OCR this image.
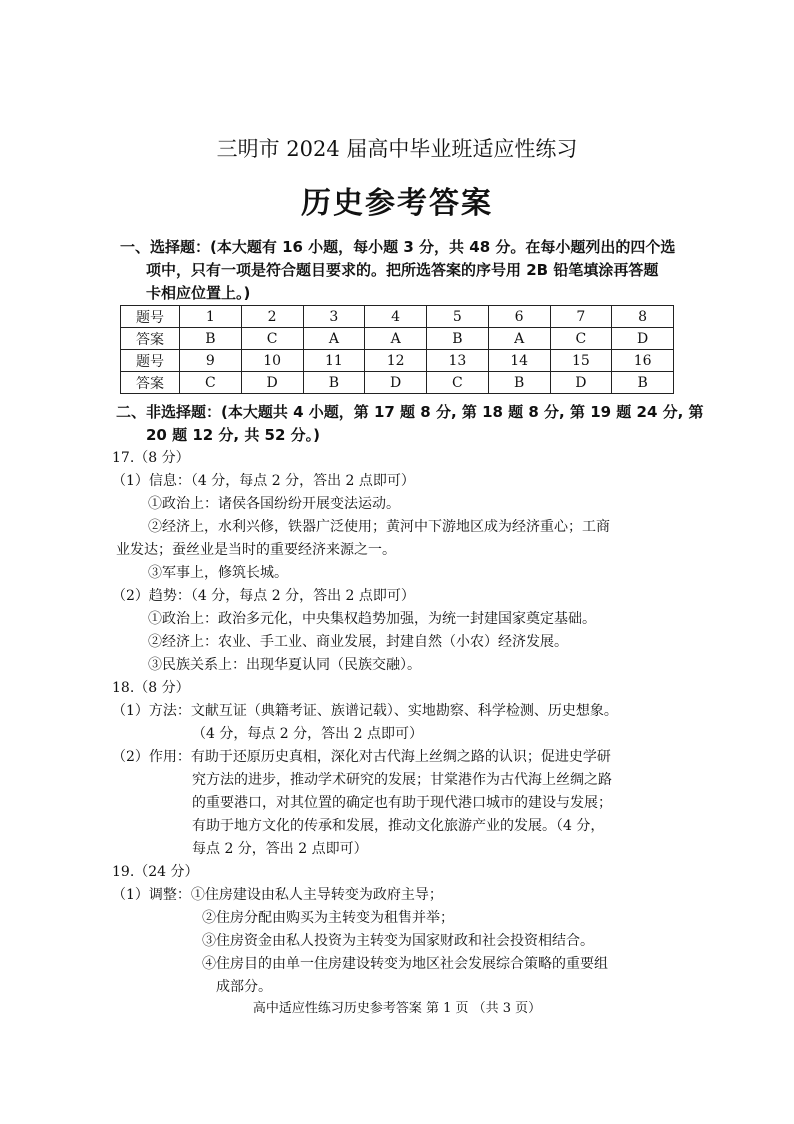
三明市 2024 届高中毕业班适应性练习
历史参考答案
一、选择题：(本大题有 16 小题，每小题 3 分，共 48 分。在每小题列出的四个选
项中，只有一项是符合题目要求的。把所选答案的序号用 2B 铅笔填涂再答题
卡相应位置上。)
题号	1	2	3	4	5	6	7	8
答案	B	C	A	A	B	A	C	D
题号	9	10	11	12	13	14	15	16
答案	C	D	B	D	C	B	D	B
二、非选择题：(本大题共 4 小题，第 17 题 8 分, 第 18 题 8 分, 第 19 题 24 分, 第
20 题 12 分, 共 52 分。)
17.（8 分）
（1）信息：（4 分，每点 2 分，答出 2 点即可）
①政治上：诸侯各国纷纷开展变法运动。
②经济上，水利兴修，铁器广泛使用；黄河中下游地区成为经济重心；工商
业发达；蚕丝业是当时的重要经济来源之一。
③军事上，修筑长城。
（2）趋势：（4 分，每点 2 分，答出 2 点即可）
①政治上：政治多元化，中央集权趋势加强，为统一封建国家奠定基础。
②经济上：农业、手工业、商业发展，封建自然（小农）经济发展。
③民族关系上：出现华夏认同（民族交融）。
18.（8 分）
（1）方法：文献互证（典籍考证、族谱记载）、实地勘察、科学检测、历史想象。
（4 分，每点 2 分，答出 2 点即可）
（2）作用：有助于还原历史真相，深化对古代海上丝绸之路的认识；促进史学研
究方法的进步，推动学术研究的发展；甘棠港作为古代海上丝绸之路
的重要港口，对其位置的确定也有助于现代港口城市的建设与发展；
有助于地方文化的传承和发展，推动文化旅游产业的发展。（4 分，
每点 2 分，答出 2 点即可）
19.（24 分）
（1）调整：①住房建设由私人主导转变为政府主导；
②住房分配由购买为主转变为租售并举；
③住房资金由私人投资为主转变为国家财政和社会投资相结合。
④住房目的由单一住房建设转变为地区社会发展综合策略的重要组
成部分。
高中适应性练习历史参考答案 第 1 页 （共 3 页）
